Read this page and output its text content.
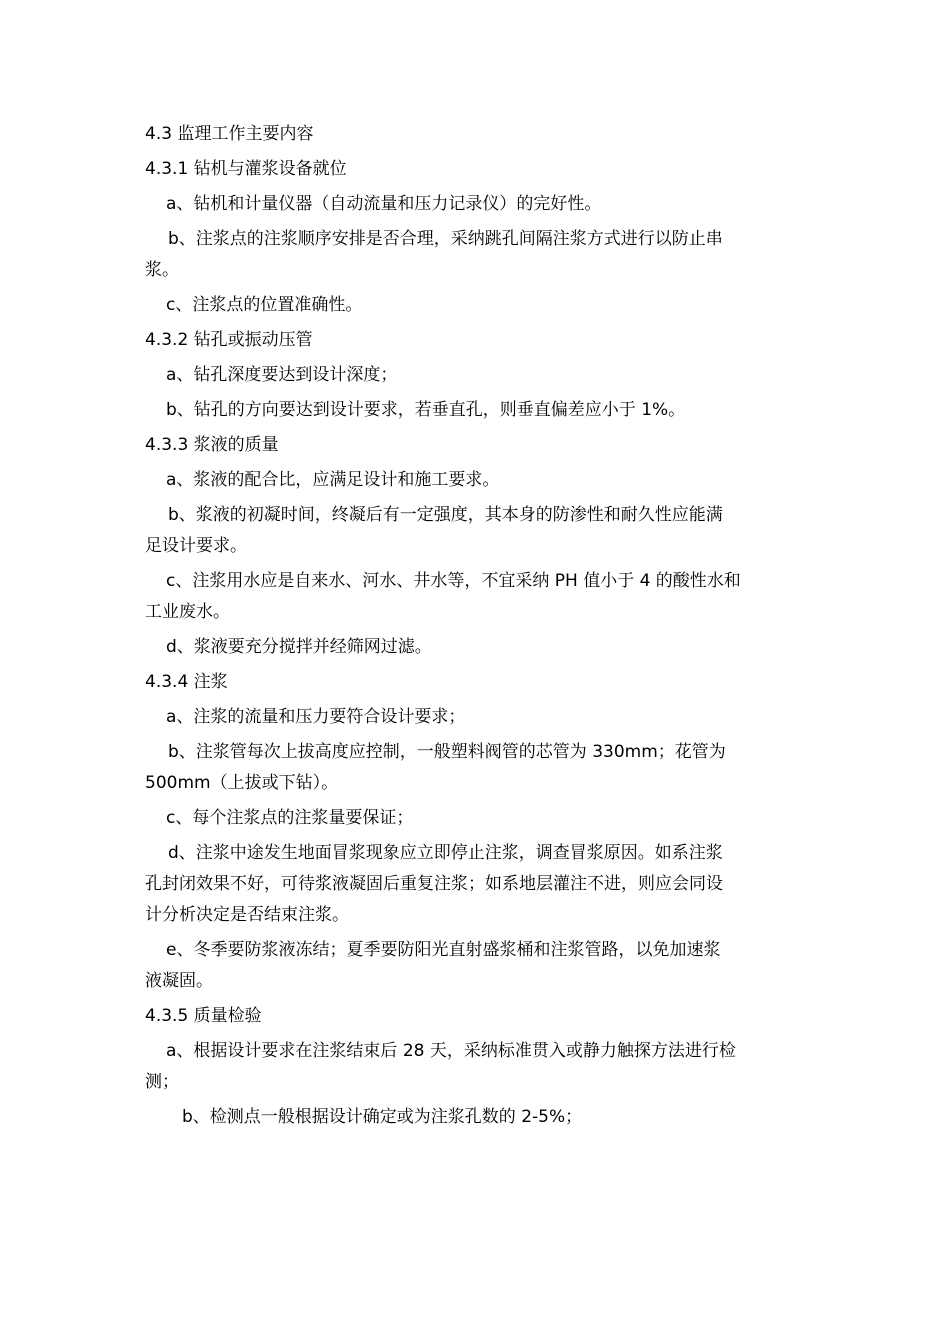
4.3 监理工作主要内容
4.3.1 钻机与灌浆设备就位
a、钻机和计量仪器（自动流量和压力记录仪）的完好性。
b、注浆点的注浆顺序安排是否合理，采纳跳孔间隔注浆方式进行以防止串
浆。
c、注浆点的位置准确性。
4.3.2 钻孔或振动压管
a、钻孔深度要达到设计深度；
b、钻孔的方向要达到设计要求，若垂直孔，则垂直偏差应小于 1%。
4.3.3 浆液的质量
a、浆液的配合比，应满足设计和施工要求。
b、浆液的初凝时间，终凝后有一定强度，其本身的防渗性和耐久性应能满
足设计要求。
c、注浆用水应是自来水、河水、井水等，不宜采纳 PH 值小于 4 的酸性水和
工业废水。
d、浆液要充分搅拌并经筛网过滤。
4.3.4 注浆
a、注浆的流量和压力要符合设计要求；
b、注浆管每次上拔高度应控制，一般塑料阀管的芯管为 330mm；花管为
500mm（上拔或下钻）。
c、每个注浆点的注浆量要保证；
d、注浆中途发生地面冒浆现象应立即停止注浆，调查冒浆原因。如系注浆
孔封闭效果不好，可待浆液凝固后重复注浆；如系地层灌注不进，则应会同设
计分析决定是否结束注浆。
e、冬季要防浆液冻结；夏季要防阳光直射盛浆桶和注浆管路，以免加速浆
液凝固。
4.3.5 质量检验
a、根据设计要求在注浆结束后 28 天，采纳标准贯入或静力触探方法进行检
测；
b、检测点一般根据设计确定或为注浆孔数的 2-5%；
